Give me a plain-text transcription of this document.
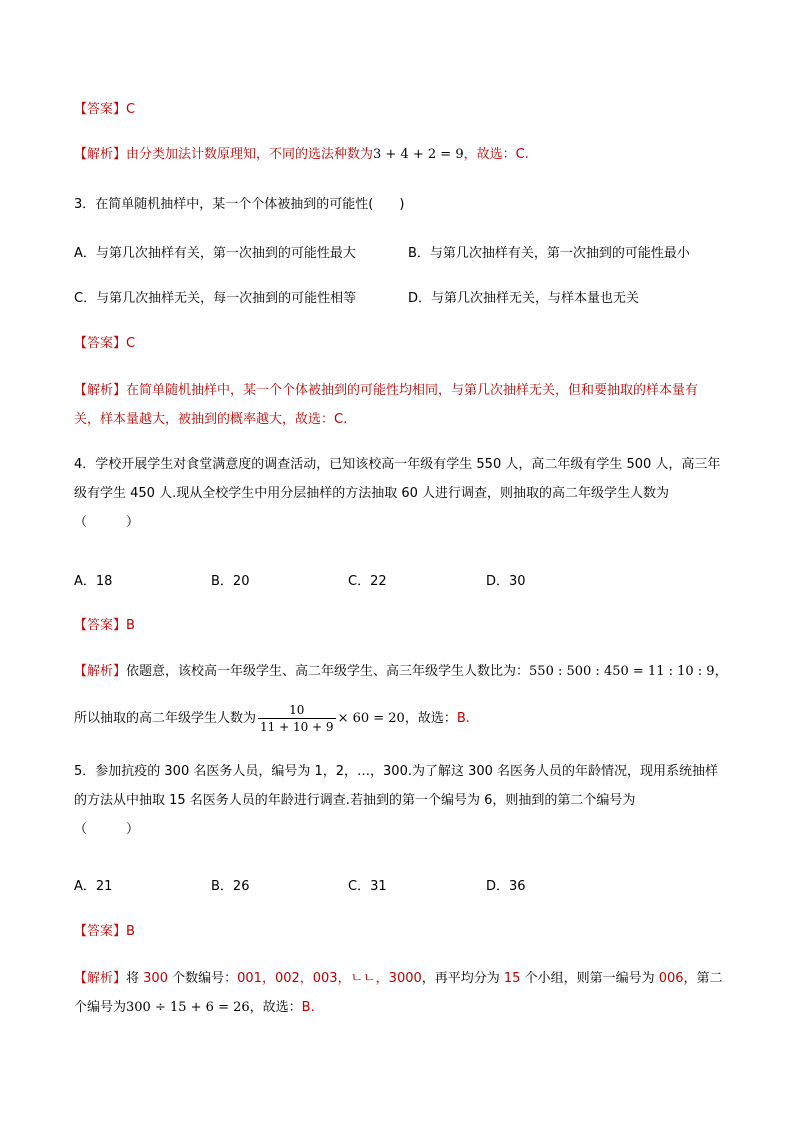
【答案】C
【解析】由分类加法计数原理知，不同的选法种数为3 + 4 + 2 = 9，故选：C.
3．在简单随机抽样中，某一个个体被抽到的可能性(　　)
A．与第几次抽样有关，第一次抽到的可能性最大	B．与第几次抽样有关，第一次抽到的可能性最小
C．与第几次抽样无关，每一次抽到的可能性相等	D．与第几次抽样无关，与样本量也无关
【答案】C
【解析】在简单随机抽样中，某一个个体被抽到的可能性均相同，与第几次抽样无关，但和要抽取的样本量有关，样本量越大，被抽到的概率越大，故选：C.
4．学校开展学生对食堂满意度的调查活动，已知该校高一年级有学生 550 人，高二年级有学生 500 人，高三年级有学生 450 人.现从全校学生中用分层抽样的方法抽取 60 人进行调查，则抽取的高二年级学生人数为
（　　　）
A．18	B．20	C．22	D．30
【答案】B
【解析】依题意，该校高一年级学生、高二年级学生、高三年级学生人数比为：550 : 500 : 450 = 11 : 10 : 9，
所以抽取的高二年级学生人数为 $\frac{10}{11 + 10 + 9} \times 60 = 20$，故选：B.
5．参加抗疫的 300 名医务人员，编号为 1，2，…，300.为了解这 300 名医务人员的年龄情况，现用系统抽样的方法从中抽取 15 名医务人员的年龄进行调查.若抽到的第一个编号为 6，则抽到的第二个编号为
（　　　）
A．21	B．26	C．31	D．36
【答案】B
【解析】将 300 个数编号：001，002，003，ㄴㄴ，3000，再平均分为 15 个小组，则第一编号为 006，第二个编号为300 ÷ 15 + 6 = 26，故选：B.
